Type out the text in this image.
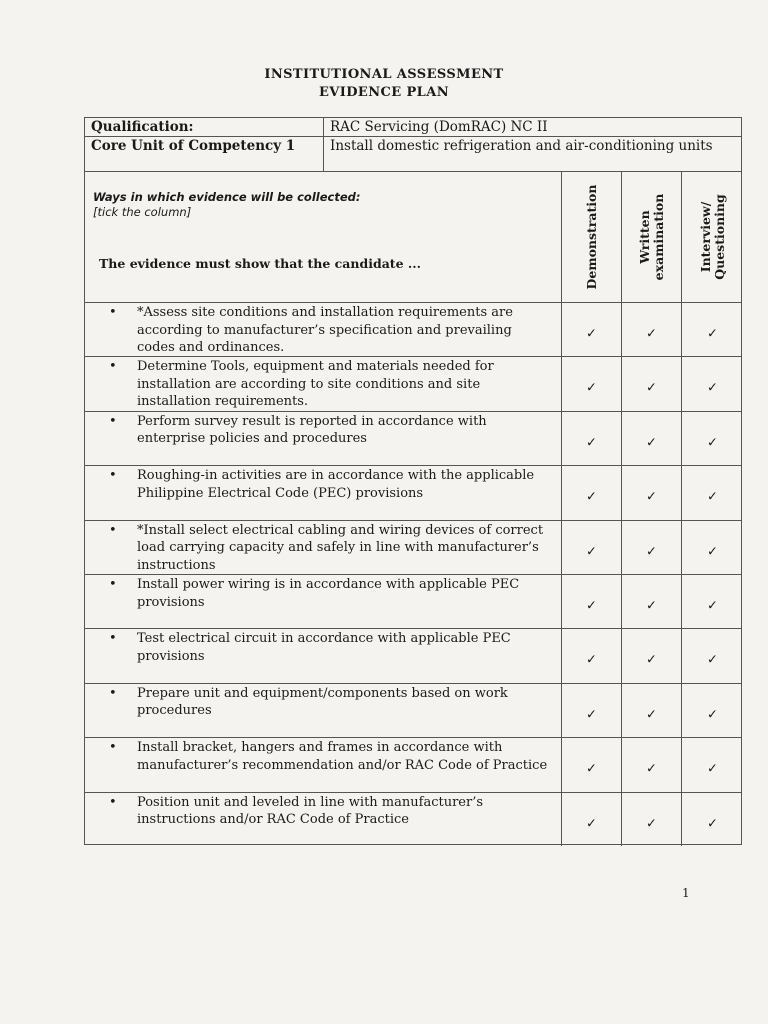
INSTITUTIONAL ASSESSMENT
EVIDENCE PLAN
Qualification:	RAC Servicing (DomRAC) NC II
Core Unit of Competency 1	Install domestic refrigeration and air-conditioning units
Ways in which evidence will be collected:
[tick the column]
The evidence must show that the candidate ...	Demonstration	Written examination	Interview/ Questioning
• *Assess site conditions and installation requirements are according to manufacturer’s specification and prevailing codes and ordinances.
✓	✓	✓
• Determine Tools, equipment and materials needed for installation are according to site conditions and site installation requirements.
✓	✓	✓
• Perform survey result is reported in accordance with enterprise policies and procedures	✓	✓	✓
• Roughing-in activities are in accordance with the applicable Philippine Electrical Code (PEC) provisions	✓	✓	✓
• *Install select electrical cabling and wiring devices of correct load carrying capacity and safely in line with manufacturer’s instructions
✓	✓	✓
• Install power wiring is in accordance with applicable PEC provisions	✓	✓	✓
• Test electrical circuit in accordance with applicable PEC provisions	✓	✓	✓
• Prepare unit and equipment/components based on work procedures	✓	✓	✓
• Install bracket, hangers and frames in accordance with manufacturer’s recommendation and/or RAC Code of Practice	✓	✓	✓
• Position unit and leveled in line with manufacturer’s instructions and/or RAC Code of Practice	✓	✓	✓
1
